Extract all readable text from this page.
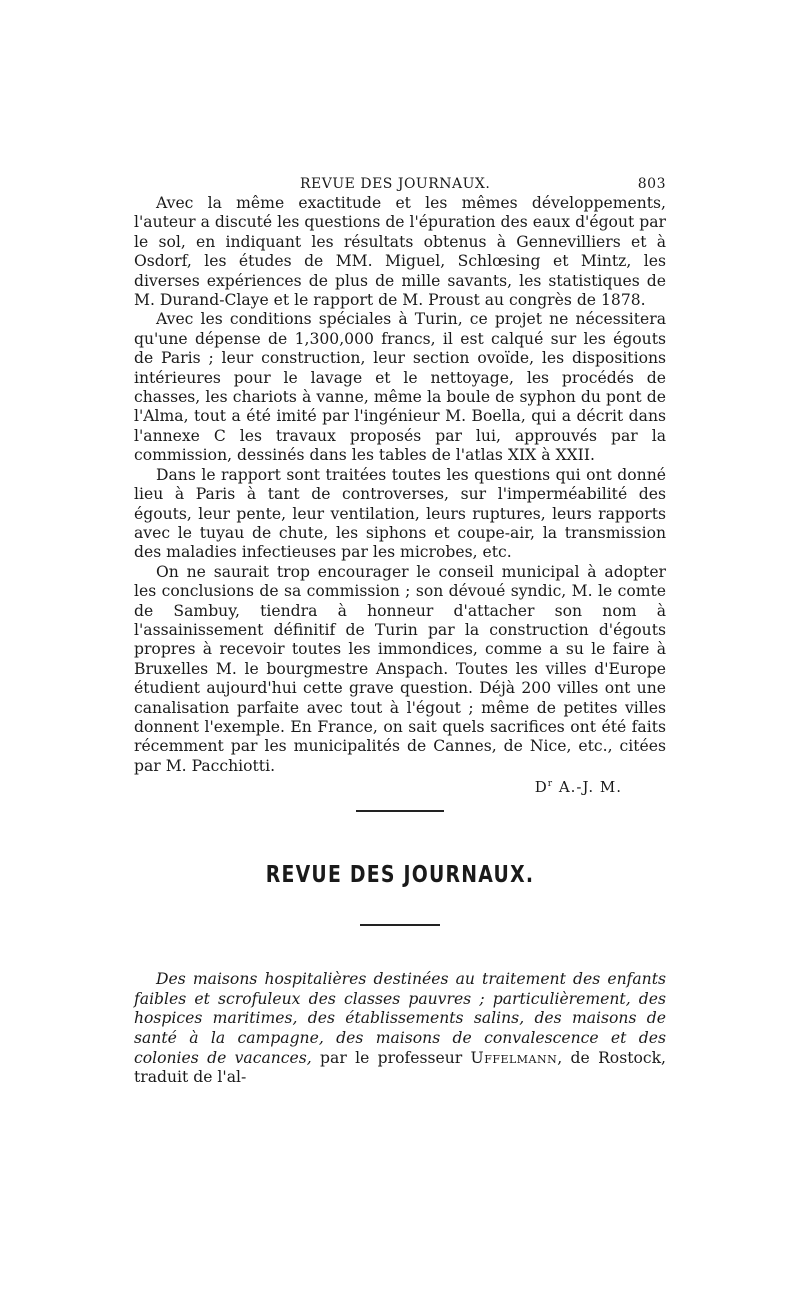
REVUE DES JOURNAUX.	803

Avec la même exactitude et les mêmes développements, l'auteur a discuté les questions de l'épuration des eaux d'égout par le sol, en indiquant les résultats obtenus à Gennevilliers et à Osdorf, les études de MM. Miguel, Schlœsing et Mintz, les diverses expériences de plus de mille savants, les statistiques de M. Durand-Claye et le rapport de M. Proust au congrès de 1878.

Avec les conditions spéciales à Turin, ce projet ne nécessitera qu'une dépense de 1,300,000 francs, il est calqué sur les égouts de Paris ; leur construction, leur section ovoïde, les dispositions intérieures pour le lavage et le nettoyage, les procédés de chasses, les chariots à vanne, même la boule de syphon du pont de l'Alma, tout a été imité par l'ingénieur M. Boella, qui a décrit dans l'annexe C les travaux proposés par lui, approuvés par la commission, dessinés dans les tables de l'atlas XIX à XXII.

Dans le rapport sont traitées toutes les questions qui ont donné lieu à Paris à tant de controverses, sur l'imperméabilité des égouts, leur pente, leur ventilation, leurs ruptures, leurs rapports avec le tuyau de chute, les siphons et coupe-air, la transmission des maladies infectieuses par les microbes, etc.

On ne saurait trop encourager le conseil municipal à adopter les conclusions de sa commission ; son dévoué syndic, M. le comte de Sambuy, tiendra à honneur d'attacher son nom à l'assainissement définitif de Turin par la construction d'égouts propres à recevoir toutes les immondices, comme a su le faire à Bruxelles M. le bourgmestre Anspach. Toutes les villes d'Europe étudient aujourd'hui cette grave question. Déjà 200 villes ont une canalisation parfaite avec tout à l'égout ; même de petites villes donnent l'exemple. En France, on sait quels sacrifices ont été faits récemment par les municipalités de Cannes, de Nice, etc., citées par M. Pacchiotti.

$D^r$ A.-J. M.
REVUE DES JOURNAUX.

Des maisons hospitalières destinées au traitement des enfants faibles et scrofuleux des classes pauvres ; particulièrement, des hospices maritimes, des établissements salins, des maisons de santé à la campagne, des maisons de convalescence et des colonies de vacances, par le professeur Uffelmann, de Rostock, traduit de l'al-
